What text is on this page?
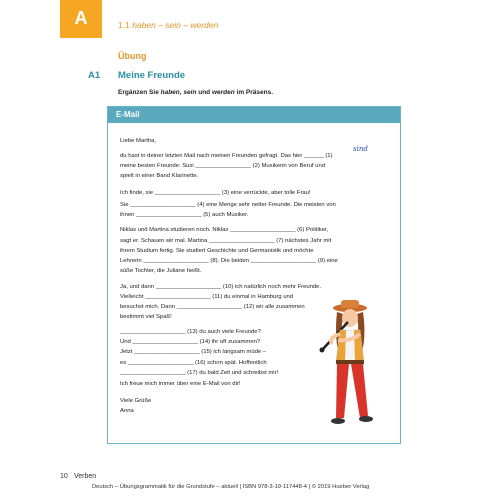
A	1.1 haben – sein – werden
Übung
A1 Meine Freunde
Ergänzen Sie haben, sein und werden im Präsens.
E-Mail
Liebe Martha,
du hast in deiner letzten Mail nach meinen Freunden gefragt. Das hier ______ (1)
sind
meine besten Freunde: Susi _________________ (2) Musikerin von Beruf und
spielt in einer Band Klarinette.
Ich finde, sie ____________________ (3) eine verrückte, aber tolle Frau!
Sie ____________________ (4) eine Menge sehr netter Freunde. Die meisten von
ihnen ____________________ (5) auch Musiker.
Niklas und Martina studieren noch. Niklas ____________________ (6) Politiker,
sagt er. Schauen wir mal. Martina ____________________ (7) nächstes Jahr mit
ihrem Studium fertig. Sie studiert Geschichte und Germanistik und möchte
Lehrerin ____________________ (8). Die beiden ____________________ (9) eine
süße Tochter, die Juliane heißt.
Ja, und dann ____________________ (10) ich natürlich noch mehr Freunde.
Vielleicht ____________________ (11) du einmal in Hamburg und
besuchst mich. Dann ____________________ (12) wir alle zusammen
bestimmt viel Spaß!
____________________ (13) du auch viele Freunde?
Und ____________________ (14) ihr oft zusammen?
Jetzt ____________________ (15) ich langsam müde –
es ____________________ (16) schon spät. Hoffentlich
____________________ (17) du bald Zeit und schreibst mir!
Ich freue mich immer über eine E-Mail von dir!
Viele Grüße
Anna
10 Verben
Deutsch – Übungsgrammatik für die Grundstufe – aktuell | ISBN 978-3-19-117448-4 | © 2019 Hueber Verlag
